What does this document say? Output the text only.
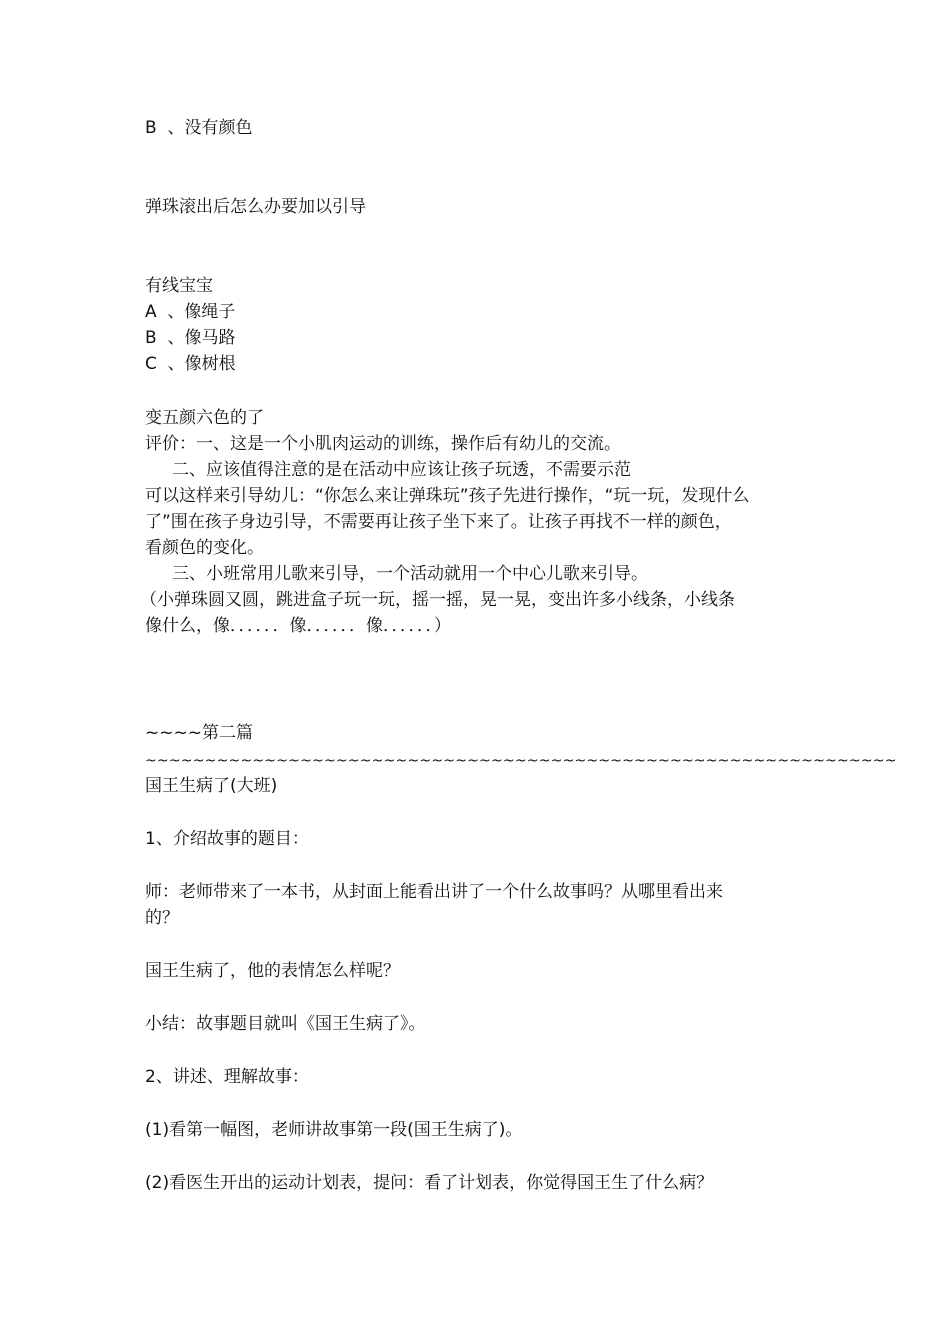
B  、没有颜色
弹珠滚出后怎么办要加以引导
有线宝宝
A  、像绳子
B  、像马路
C  、像树根
变五颜六色的了
评价：一、这是一个小肌肉运动的训练，操作后有幼儿的交流。
二、应该值得注意的是在活动中应该让孩子玩透，不需要示范
可以这样来引导幼儿：“你怎么来让弹珠玩”孩子先进行操作，“玩一玩，发现什么
了”围在孩子身边引导，不需要再让孩子坐下来了。让孩子再找不一样的颜色，
看颜色的变化。
三、小班常用儿歌来引导，一个活动就用一个中心儿歌来引导。
（小弹珠圆又圆，跳进盒子玩一玩，摇一摇，晃一晃，变出许多小线条，小线条
像什么，像．．．．．．像．．．．．．像．．．．．．）
~~~~第二篇
~~~~~~~~~~~~~~~~~~~~~~~~~~~~~~~~~~~~~~~~~~~~~~~~~~~~~~~~~~~~~~~
国王生病了(大班)
1、介绍故事的题目：
师：老师带来了一本书，从封面上能看出讲了一个什么故事吗？从哪里看出来
的？
国王生病了，他的表情怎么样呢？
小结：故事题目就叫《国王生病了》。
2、讲述、理解故事：
(1)看第一幅图，老师讲故事第一段(国王生病了)。
(2)看医生开出的运动计划表，提问：看了计划表，你觉得国王生了什么病？
